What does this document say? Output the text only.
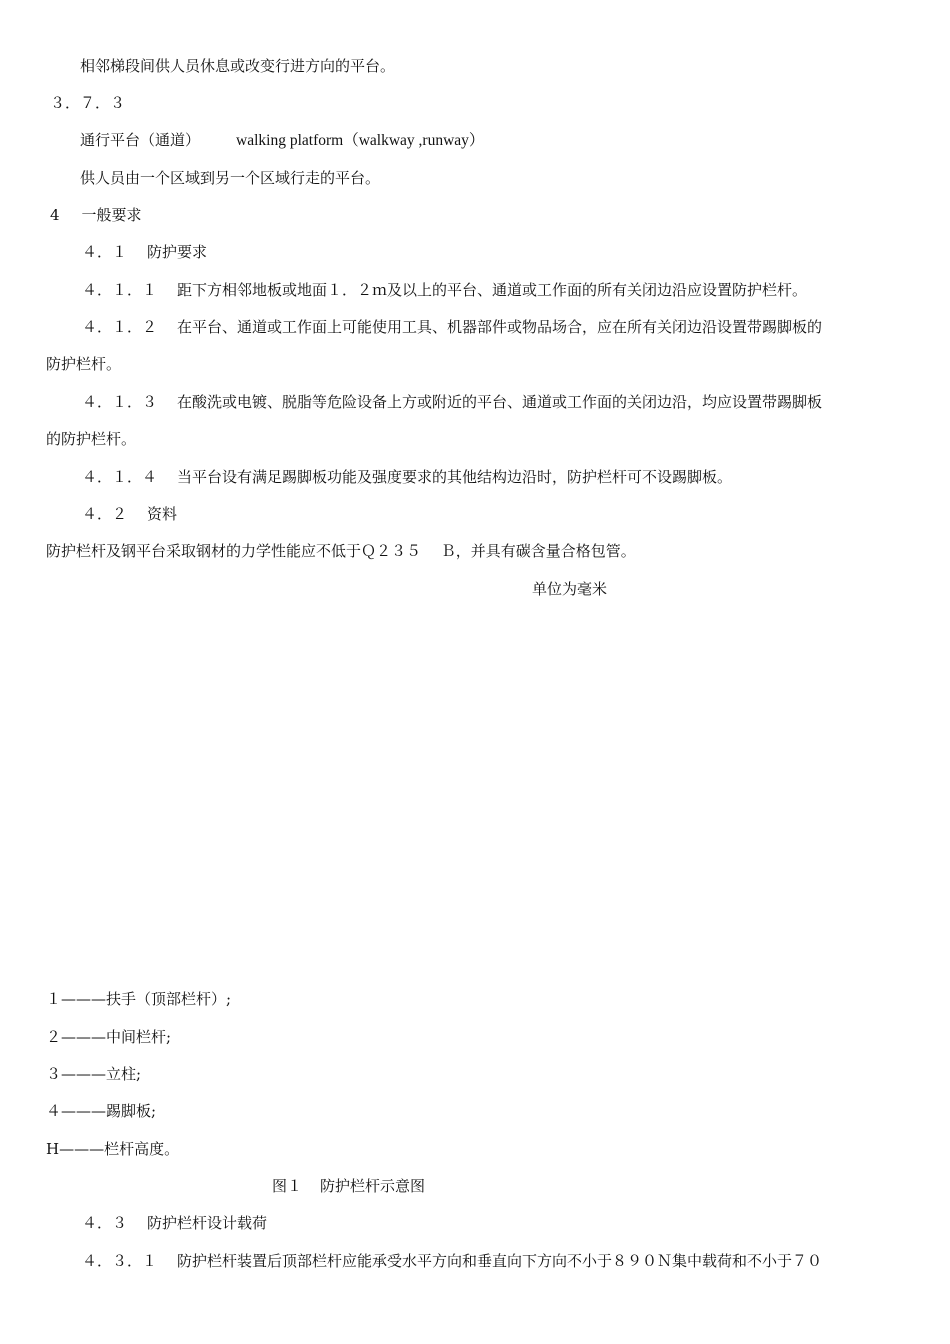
相邻梯段间供人员休息或改变行进方向的平台。
３．７．３
通行平台（通道） walking platform（walkway ,runway）
供人员由一个区域到另一个区域行走的平台。
4 一般要求
４．１ 防护要求
４．１．１ 距下方相邻地板或地面１．２ｍ及以上的平台、通道或工作面的所有关闭边沿应设置防护栏杆。
４．１．２ 在平台、通道或工作面上可能使用工具、机器部件或物品场合，应在所有关闭边沿设置带踢脚板的
防护栏杆。
４．１．３ 在酸洗或电镀、脱脂等危险设备上方或附近的平台、通道或工作面的关闭边沿，均应设置带踢脚板
的防护栏杆。
４．１．４ 当平台设有满足踢脚板功能及强度要求的其他结构边沿时，防护栏杆可不设踢脚板。
４．２ 资料
防护栏杆及钢平台采取钢材的力学性能应不低于Ｑ２３５　 Ｂ，并具有碳含量合格包管。
单位为毫米
１———扶手（顶部栏杆）;
２———中间栏杆;
３———立柱;
４———踢脚板;
H———栏杆高度。
图１ 防护栏杆示意图
４．３ 防护栏杆设计载荷
４．３．１ 防护栏杆装置后顶部栏杆应能承受水平方向和垂直向下方向不小于８９０Ｎ集中载荷和不小于７０
